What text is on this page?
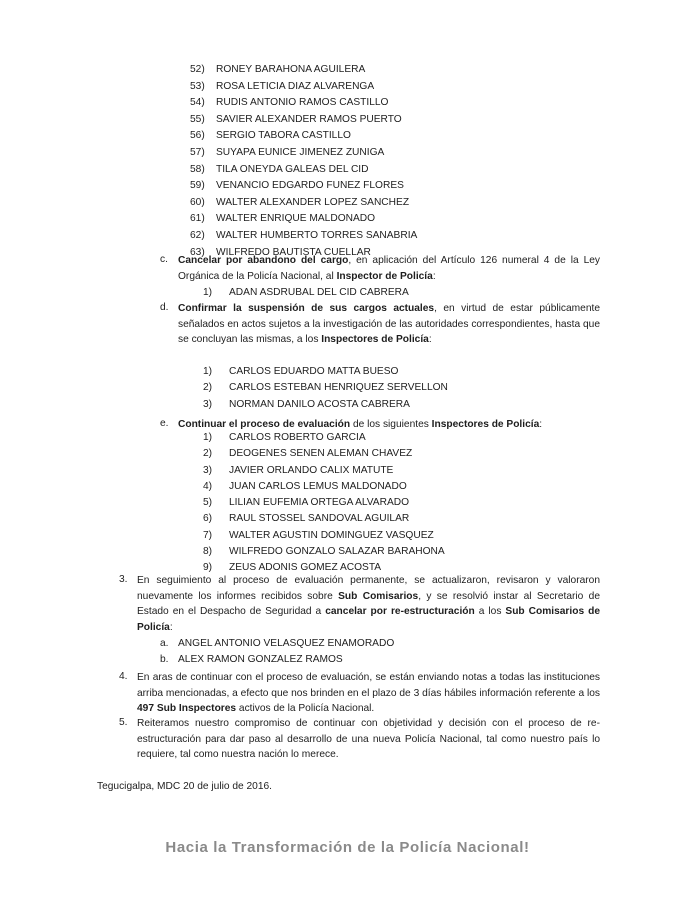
52) RONEY BARAHONA AGUILERA
53) ROSA LETICIA DIAZ ALVARENGA
54) RUDIS ANTONIO RAMOS CASTILLO
55) SAVIER ALEXANDER RAMOS PUERTO
56) SERGIO TABORA CASTILLO
57) SUYAPA EUNICE JIMENEZ ZUNIGA
58) TILA ONEYDA GALEAS DEL CID
59) VENANCIO EDGARDO FUNEZ FLORES
60) WALTER ALEXANDER LOPEZ SANCHEZ
61) WALTER ENRIQUE MALDONADO
62) WALTER HUMBERTO TORRES SANABRIA
63) WILFREDO BAUTISTA CUELLAR
c. Cancelar por abandono del cargo, en aplicación del Artículo 126 numeral 4 de la Ley Orgánica de la Policía Nacional, al Inspector de Policía:
1) ADAN ASDRUBAL DEL CID CABRERA
d. Confirmar la suspensión de sus cargos actuales, en virtud de estar públicamente señalados en actos sujetos a la investigación de las autoridades correspondientes, hasta que se concluyan las mismas, a los Inspectores de Policía:
1) CARLOS EDUARDO MATTA BUESO
2) CARLOS ESTEBAN HENRIQUEZ SERVELLON
3) NORMAN DANILO ACOSTA CABRERA
e. Continuar el proceso de evaluación de los siguientes Inspectores de Policía:
1) CARLOS ROBERTO GARCIA
2) DEOGENES SENEN ALEMAN CHAVEZ
3) JAVIER ORLANDO CALIX MATUTE
4) JUAN CARLOS LEMUS MALDONADO
5) LILIAN EUFEMIA ORTEGA ALVARADO
6) RAUL STOSSEL SANDOVAL AGUILAR
7) WALTER AGUSTIN DOMINGUEZ VASQUEZ
8) WILFREDO GONZALO SALAZAR BARAHONA
9) ZEUS ADONIS GOMEZ ACOSTA
3. En seguimiento al proceso de evaluación permanente, se actualizaron, revisaron y valoraron nuevamente los informes recibidos sobre Sub Comisarios, y se resolvió instar al Secretario de Estado en el Despacho de Seguridad a cancelar por re-estructuración a los Sub Comisarios de Policía:
a. ANGEL ANTONIO VELASQUEZ ENAMORADO
b. ALEX RAMON GONZALEZ RAMOS
4. En aras de continuar con el proceso de evaluación, se están enviando notas a todas las instituciones arriba mencionadas, a efecto que nos brinden en el plazo de 3 días hábiles información referente a los 497 Sub Inspectores activos de la Policía Nacional.
5. Reiteramos nuestro compromiso de continuar con objetividad y decisión con el proceso de re-estructuración para dar paso al desarrollo de una nueva Policía Nacional, tal como nuestro país lo requiere, tal como nuestra nación lo merece.
Tegucigalpa, MDC 20 de julio de 2016.
Hacia la Transformación de la Policía Nacional!
